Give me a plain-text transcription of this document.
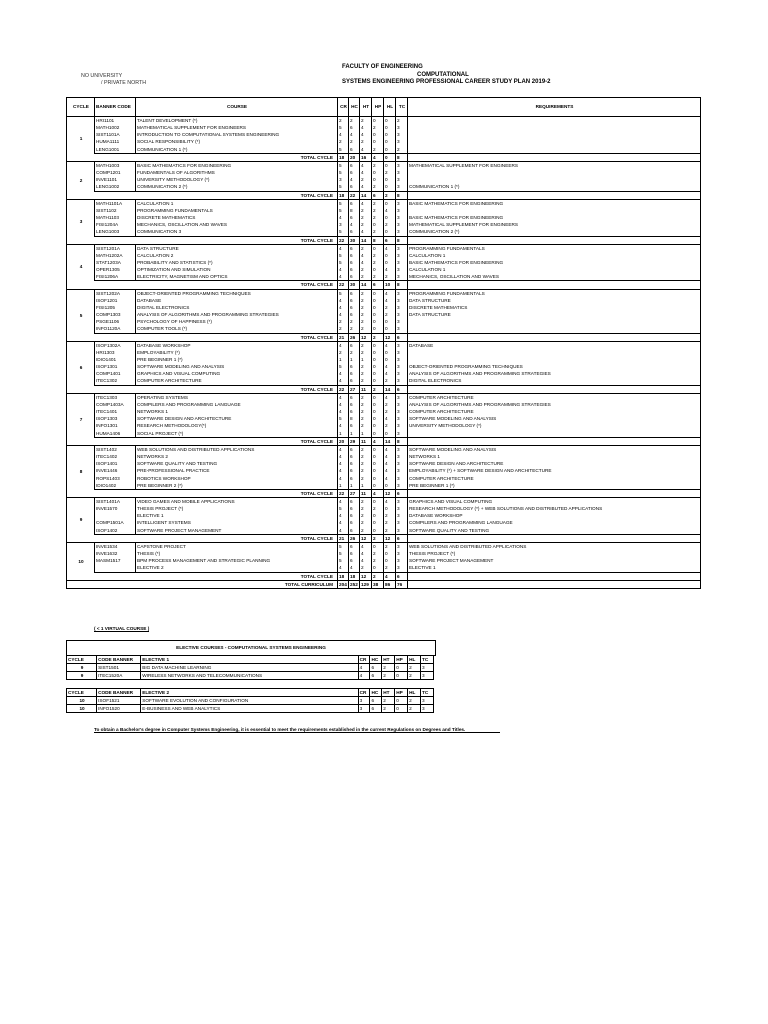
FACULTY OF ENGINEERING
COMPUTATIONAL
SYSTEMS ENGINEERING PROFESSIONAL CAREER STUDY PLAN 2019-2
NO UNIVERSITY
/ PRIVATE NORTH
CYCLE	BANNER CODE	COURSE	CR	HC	HT	HP	HL	TC	REQUIREMENTS
1	HRI1101	TALENT DEVELOPMENT (*)	2	2	2	0	0	2	
	MATH1002	MATHEMATICAL SUPPLEMENT FOR ENGINEERS	5	6	4	2	0	3	
	SIST1101A	INTRODUCTION TO COMPUTATIONAL SYSTEMS ENGINEERING	4	4	4	0	0	3	
	HUMA1111	SOCIAL RESPONSIBILITY (*)	2	2	2	0	0	3	
	LENG1001	COMMUNICATION 1 (*)	5	6	4	2	0	2	
		TOTAL CYCLE	18	20	16	4	0	8	
2	MATH1003	BASIC MATHEMATICS FOR ENGINEERING	5	6	4	2	0	3	MATHEMATICAL SUPPLEMENT FOR ENGINEERS
	COMP1201	FUNDAMENTALS OF ALGORITHMS	5	6	4	0	2	3	
	INVE1101	UNIVERSITY METHODOLOGY (*)	3	4	2	0	0	3	
	LENG1002	COMMUNICATION 2 (*)	5	6	4	2	0	3	COMMUNICATION 1 (*)
		TOTAL CYCLE	18	22	14	6	2	8	
3	MATH1101A	CALCULATION 1	5	6	4	2	0	3	BASIC MATHEMATICS FOR ENGINEERING
	SIST1102	PROGRAMMING FUNDAMENTALS	5	8	2	2	4	3	
	MATH1103	DISCRETE MATHEMATICS	4	6	2	2	0	3	BASIC MATHEMATICS FOR ENGINEERING
	FISI1204A	MECHANICS, OSCILLATION AND WAVES	3	4	2	0	2	3	MATHEMATICAL SUPPLEMENT FOR ENGINEERS
	LENG1003	COMMUNICATION 3	5	6	4	2	0	3	COMMUNICATION 2 (*)
		TOTAL CYCLE	22	30	14	8	6	8	
4	SIST1201A	DATA STRUCTURE	4	6	2	0	4	3	PROGRAMMING FUNDAMENTALS
	MATH1202A	CALCULATION 2	5	6	4	2	0	3	CALCULATION 1
	STAT1203A	PROBABILITY AND STATISTICS (*)	5	6	4	2	0	3	BASIC MATHEMATICS FOR ENGINEERING
	OPER1305	OPTIMIZATION AND SIMULATION	4	6	2	0	4	3	CALCULATION 1
	FISI1206A	ELECTRICITY, MAGNETISM AND OPTICS	4	6	2	2	2	3	MECHANICS, OSCILLATION AND WAVES
		TOTAL CYCLE	22	30	14	6	10	8	
5	SIST1202A	OBJECT-ORIENTED PROGRAMMING TECHNIQUES	5	6	2	0	4	3	PROGRAMMING FUNDAMENTALS
	ISOF1201	DATABASE	4	6	2	0	4	3	DATA STRUCTURE
	FISI1205	DIGITAL ELECTRONICS	4	6	2	0	2	3	DISCRETE MATHEMATICS
	COMP1303	ANALYSIS OF ALGORITHMS AND PROGRAMMING STRATEGIES	4	6	2	0	2	3	DATA STRUCTURE
	PSGE1106	PSYCHOLOGY OF HAPPINESS (*)	2	2	2	0	0	3	
	INFO1120A	COMPUTER TOOLS (*)	2	2	2	0	0	3	
		TOTAL CYCLE	21	26	12	2	12	6	
6	ISOF1302A	DATABASE WORKSHOP	4	6	2	0	4	3	DATABASE
	HRI1303	EMPLOYABILITY (*)	2	2	2	0	0	3	
	IDIO1401	PRE BEGINNER 1 (*)	1	1	1	0	0	3	
	ISOF1301	SOFTWARE MODELING AND ANALYSIS	5	6	2	0	4	3	OBJECT-ORIENTED PROGRAMMING TECHNIQUES
	COMP1401	GRAPHICS AND VISUAL COMPUTING	4	6	2	0	4	3	ANALYSIS OF ALGORITHMS AND PROGRAMMING STRATEGIES
	ITEC1302	COMPUTER ARCHITECTURE	4	6	2	0	2	3	DIGITAL ELECTRONICS
		TOTAL CYCLE	22	27	11	2	14	6	
7	ITEC1303	OPERATING SYSTEMS	4	6	2	0	4	3	COMPUTER ARCHITECTURE
	COMP1403A	COMPILERS AND PROGRAMMING LANGUAGE	4	6	2	0	2	3	ANALYSIS OF ALGORITHMS AND PROGRAMMING STRATEGIES
	ITEC1401	NETWORKS 1	4	6	2	0	2	3	COMPUTER ARCHITECTURE
	ISOF1303	SOFTWARE DESIGN AND ARCHITECTURE	5	8	2	0	4	3	SOFTWARE MODELING AND ANALYSIS
	INFO1301	RESEARCH METHODOLOGY(*)	4	6	2	0	2	3	UNIVERSITY METHODOLOGY (*)
	HUMA1406	SOCIAL PROJECT (*)	1	1	1	0	0	3	
		TOTAL CYCLE	20	29	11	4	14	8	
8	SIST1402	WEB SOLUTIONS AND DISTRIBUTED APPLICATIONS	4	6	2	0	4	3	SOFTWARE MODELING AND ANALYSIS
	ITEC1402	NETWORKS 2	4	6	2	0	4	3	NETWORKS 1
	ISOF1401	SOFTWARE QUALITY AND TESTING	4	6	2	0	4	3	SOFTWARE DESIGN AND ARCHITECTURE
	INVE1446	PRE-PROFESSIONAL PRACTICE	4	6	2	0	4	3	EMPLOYABILITY (*) + SOFTWARE DESIGN AND ARCHITECTURE
	ROPS1403	ROBOTICS WORKSHOP	4	6	2	0	4	3	COMPUTER ARCHITECTURE
	IDIO1402	PRE BEGINNER 2 (*)	1	1	1	0	0	3	PRE BEGINNER 1 (*)
		TOTAL CYCLE	22	27	11	4	12	6	
9	SIST1401A	VIDEO GAMES AND MOBILE APPLICATIONS	4	6	2	0	4	3	GRAPHICS AND VISUAL COMPUTING
	INVE1570	THESIS PROJECT (*)	5	6	2	2	0	3	RESEARCH METHODOLOGY (*) + WEB SOLUTIONS AND DISTRIBUTED APPLICATIONS
		ELECTIVE 1	4	6	2	0	2	3	DATABASE WORKSHOP
	COMP1501A	INTELLIGENT SYSTEMS	4	6	2	0	2	3	COMPILERS AND PROGRAMMING LANGUAGE
	ISOF1402	SOFTWARE PROJECT MANAGEMENT	4	6	2	0	2	3	SOFTWARE QUALITY AND TESTING
		TOTAL CYCLE	21	26	12	2	12	6	
10	INVE1534	CAPSTONE PROJECT	5	6	4	0	2	3	WEB SOLUTIONS AND DISTRIBUTED APPLICATIONS
	INVE1632	THESIS (*)	5	6	4	2	0	3	THESIS PROJECT (*)
	MASM1517	BPM PROCESS MANAGEMENT AND STRATEGIC PLANNING	5	6	4	2	0	3	SOFTWARE PROJECT MANAGEMENT
		ELECTIVE 2	4	4	2	0	2	3	ELECTIVE 1
		TOTAL CYCLE	18	18	12	2	4	6	
		TOTAL CURRICULUM	204	252	129	38	86	76	
( < 1 VIRTUAL COURSE )
ELECTIVE COURSES - COMPUTATIONAL SYSTEMS ENGINEERING
CYCLE	CODE BANNER	ELECTIVE 1	CR	HC	HT	HP	HL	TC
9	SIST1501	BIG DATA MACHINE LEARNING	4	6	2	0	2	3
9	ITEC1520A	WIRELESS NETWORKS AND TELECOMMUNICATIONS	4	6	2	0	2	3
CYCLE	CODE BANNER	ELECTIVE 2	CR	HC	HT	HP	HL	TC
10	ISOF1521	SOFTWARE EVOLUTION AND CONFIGURATION	3	6	2	0	2	3
10	INFO1520	E-BUSINESS AND WEB ANALYTICS	3	6	2	0	2	3
To obtain a Bachelor's degree in Computer Systems Engineering, it is essential to meet the requirements established in the current Regulations on Degrees and Titles.
